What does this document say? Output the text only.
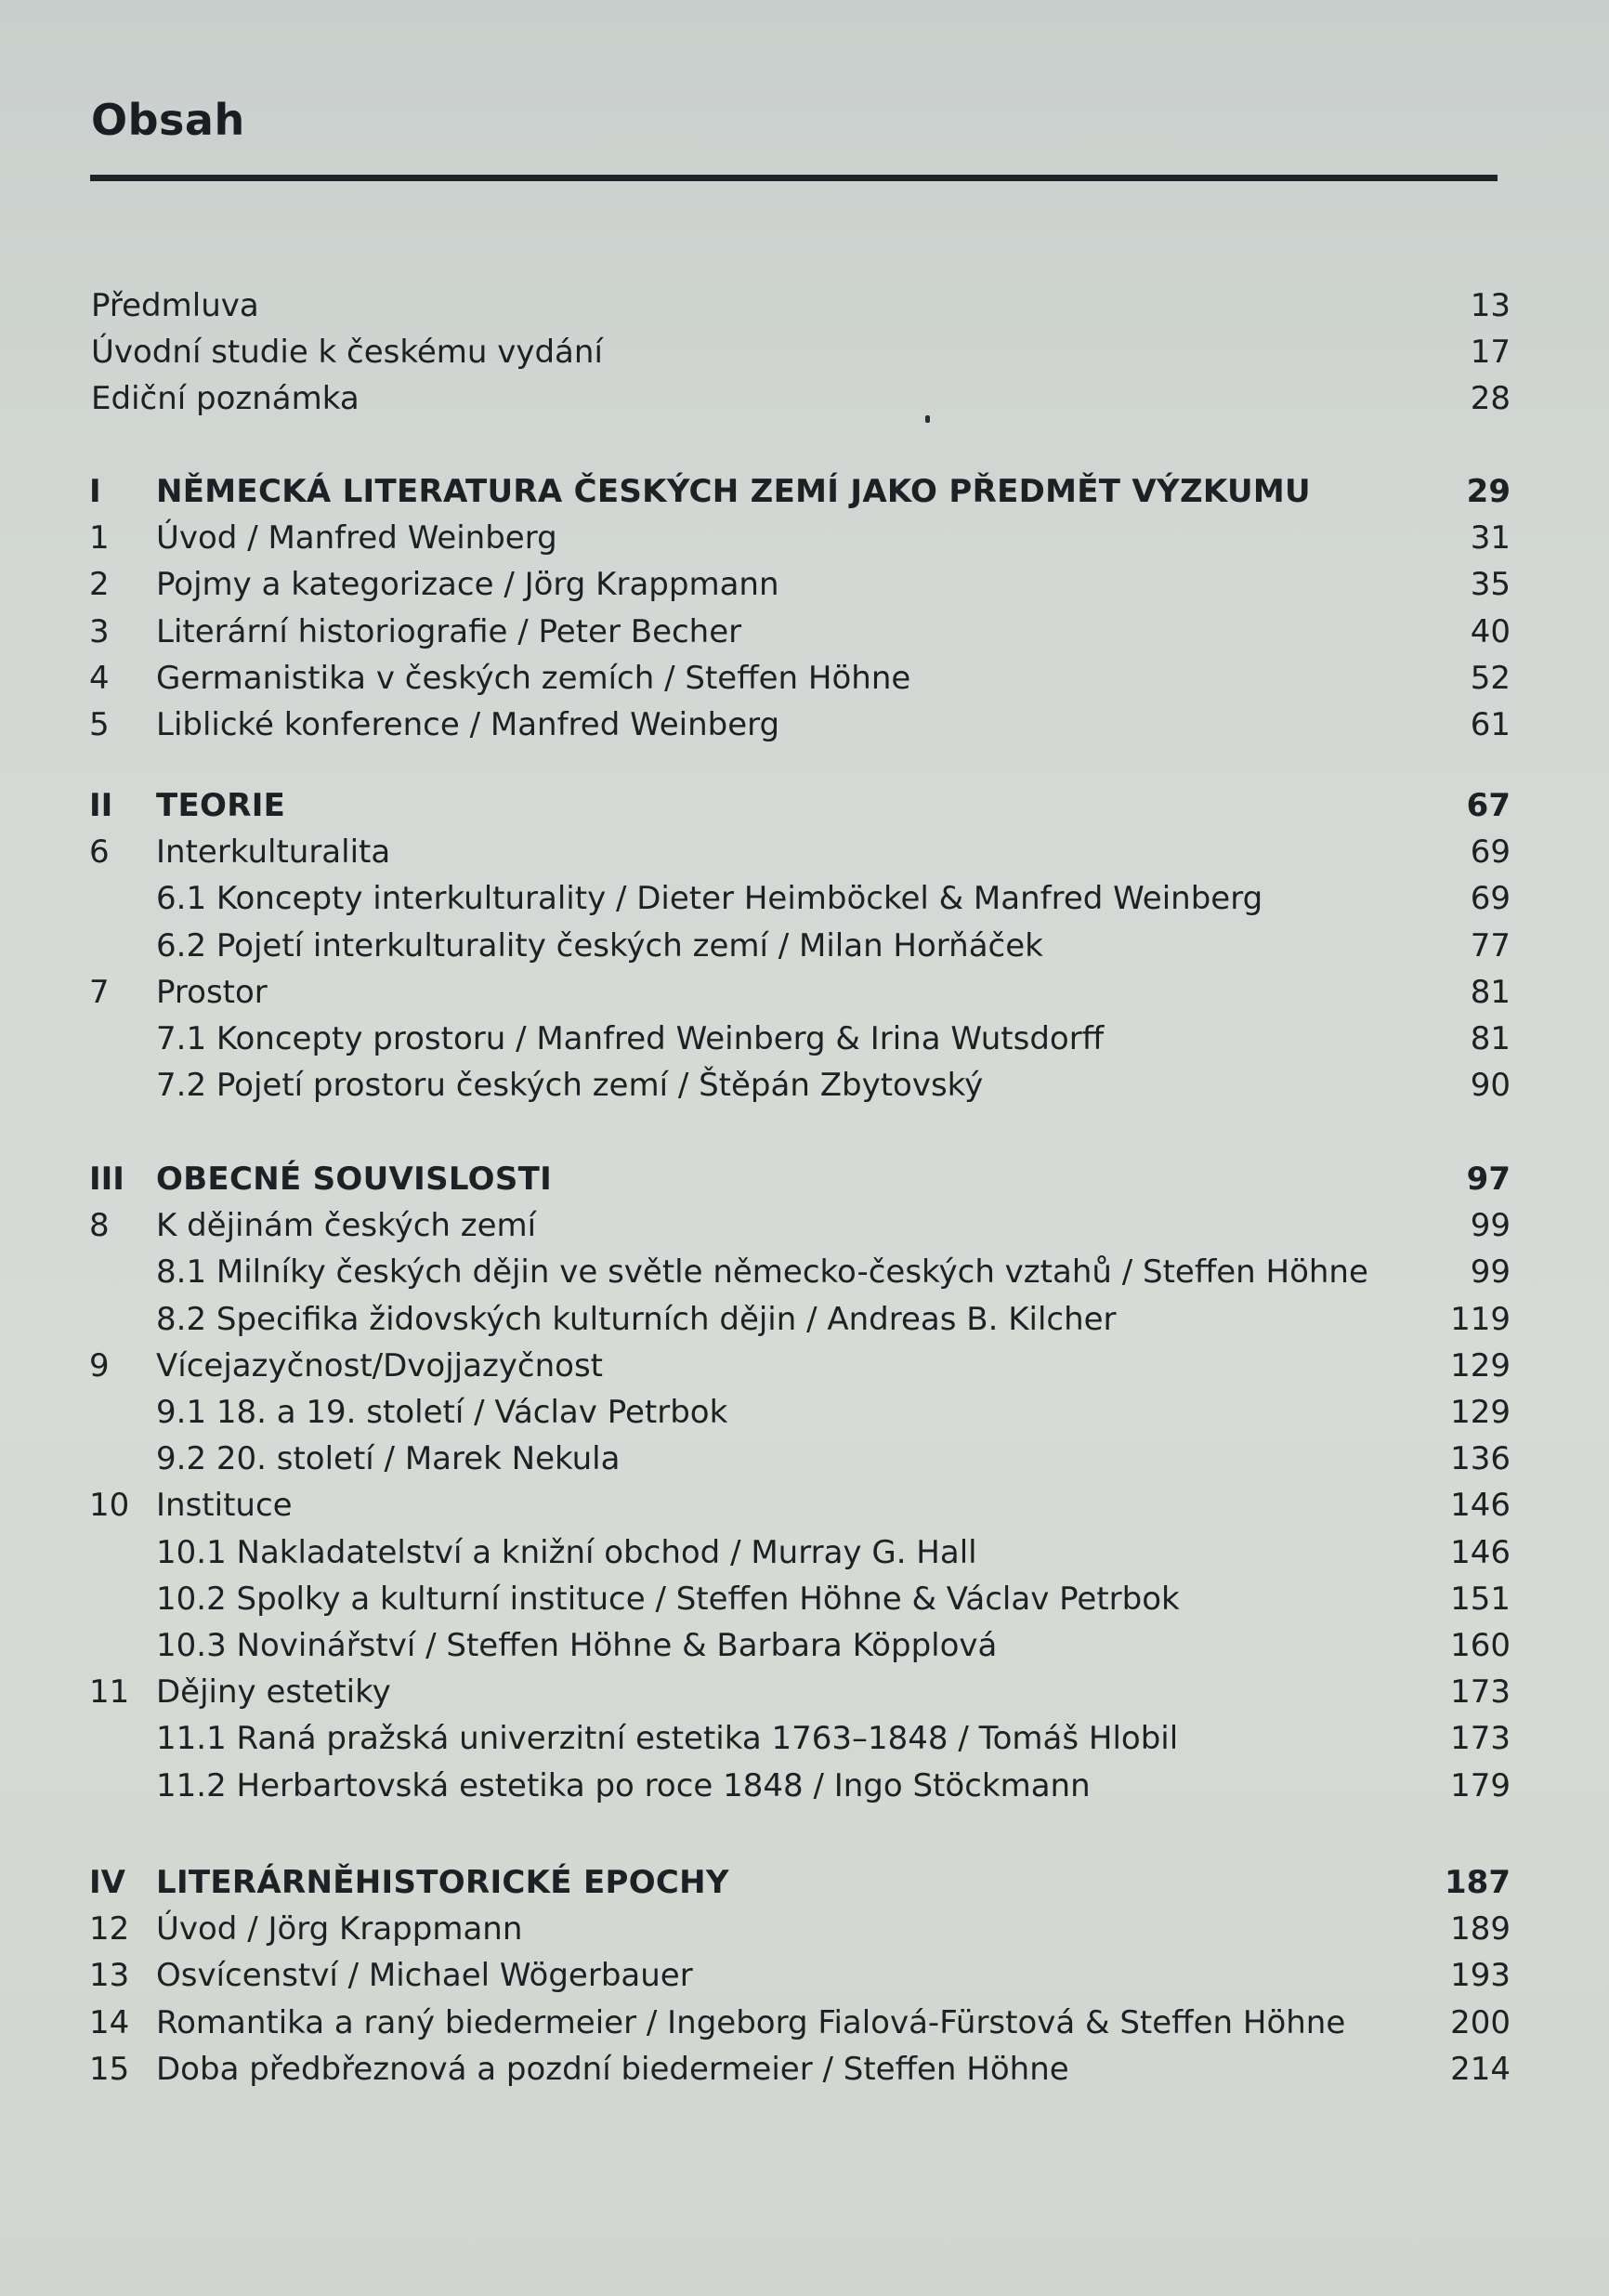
Obsah
Předmluva	13
Úvodní studie k českému vydání	17
Ediční poznámka	28
I NĚMECKÁ LITERATURA ČESKÝCH ZEMÍ JAKO PŘEDMĚT VÝZKUMU	29
1 Úvod / Manfred Weinberg	31
2 Pojmy a kategorizace / Jörg Krappmann	35
3 Literární historiografie / Peter Becher	40
4 Germanistika v českých zemích / Steffen Höhne	52
5 Liblické konference / Manfred Weinberg	61
II TEORIE	67
6 Interkulturalita	69
6.1 Koncepty interkulturality / Dieter Heimböckel & Manfred Weinberg	69
6.2 Pojetí interkulturality českých zemí / Milan Horňáček	77
7 Prostor	81
7.1 Koncepty prostoru / Manfred Weinberg & Irina Wutsdorff	81
7.2 Pojetí prostoru českých zemí / Štěpán Zbytovský	90
III OBECNÉ SOUVISLOSTI	97
8 K dějinám českých zemí	99
8.1 Milníky českých dějin ve světle německo-českých vztahů / Steffen Höhne	99
8.2 Specifika židovských kulturních dějin / Andreas B. Kilcher	119
9 Vícejazyčnost/Dvojjazyčnost	129
9.1 18. a 19. století / Václav Petrbok	129
9.2 20. století / Marek Nekula	136
10 Instituce	146
10.1 Nakladatelství a knižní obchod / Murray G. Hall	146
10.2 Spolky a kulturní instituce / Steffen Höhne & Václav Petrbok	151
10.3 Novinářství / Steffen Höhne & Barbara Köpplová	160
11 Dějiny estetiky	173
11.1 Raná pražská univerzitní estetika 1763–1848 / Tomáš Hlobil	173
11.2 Herbartovská estetika po roce 1848 / Ingo Stöckmann	179
IV LITERÁRNĚHISTORICKÉ EPOCHY	187
12 Úvod / Jörg Krappmann	189
13 Osvícenství / Michael Wögerbauer	193
14 Romantika a raný biedermeier / Ingeborg Fialová-Fürstová & Steffen Höhne	200
15 Doba předbřeznová a pozdní biedermeier / Steffen Höhne	214
